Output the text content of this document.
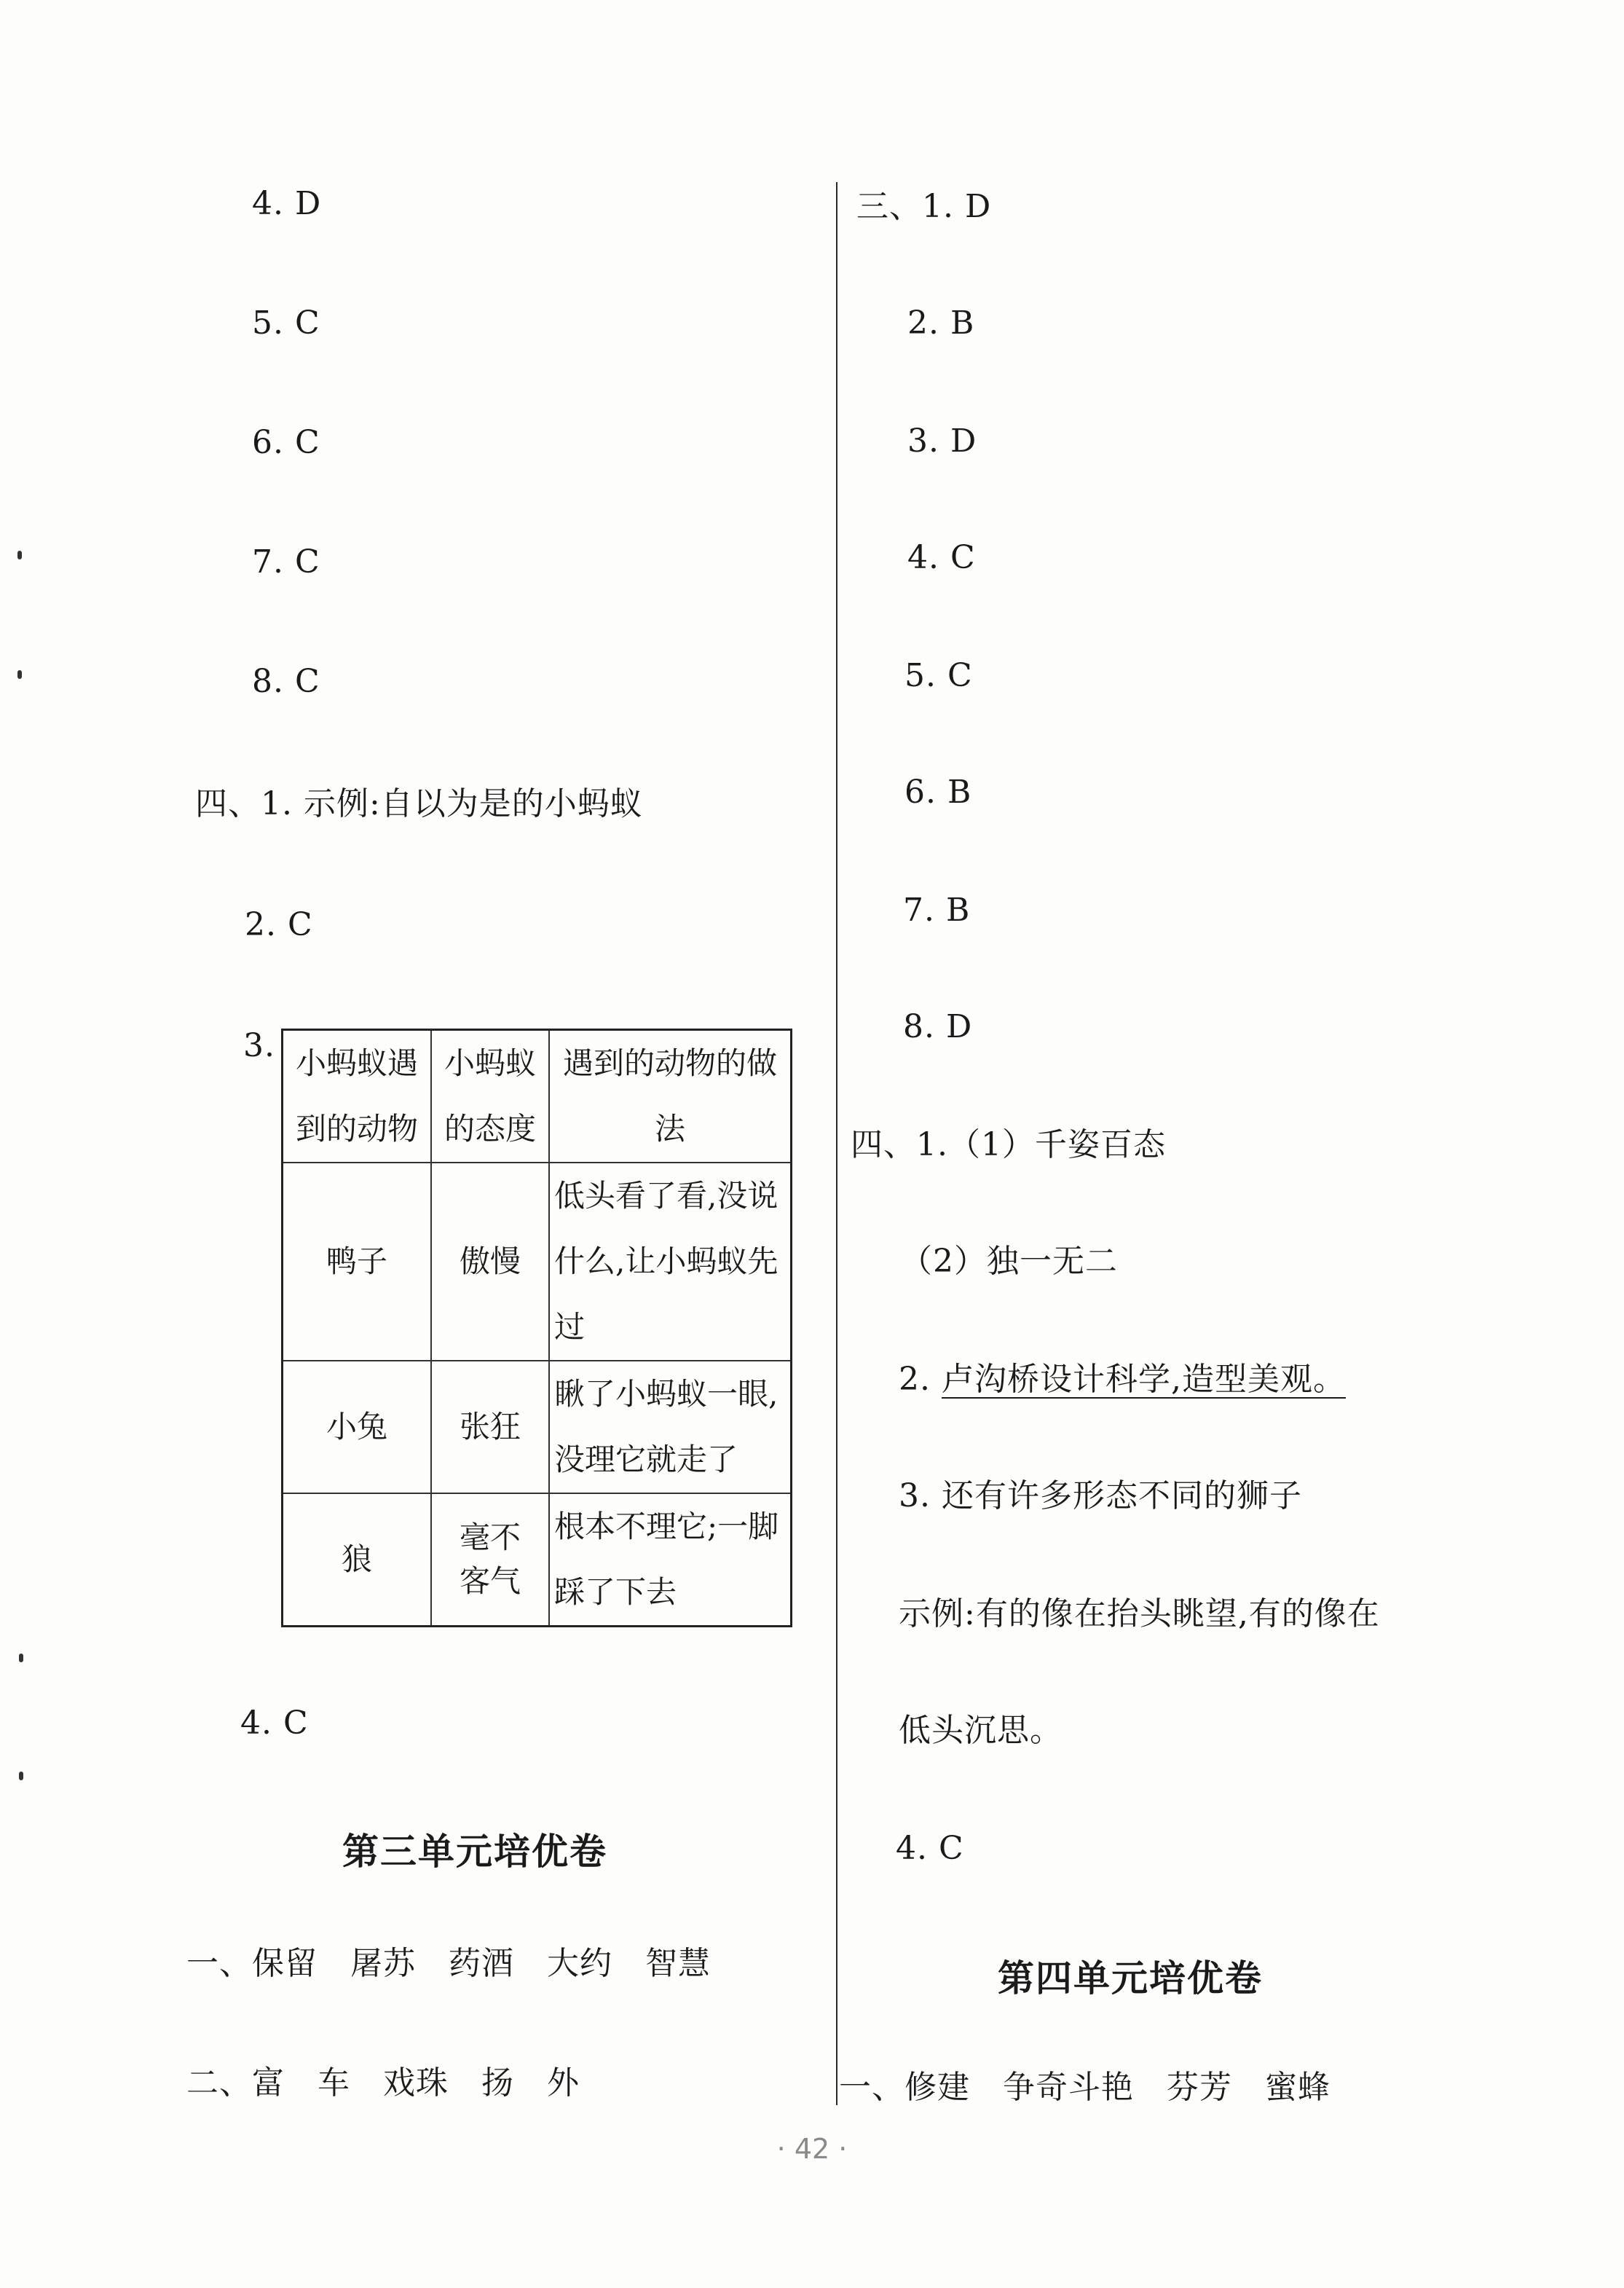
4. D
5. C
6. C
7. C
8. C
四、1. 示例:自以为是的小蚂蚁
2. C
3. 小蚂蚁遇到的动物	小蚂蚁的态度	遇到的动物的做法
鸭子	傲慢	低头看了看,没说什么,让小蚂蚁先过
小兔	张狂	瞅了小蚂蚁一眼,没理它就走了
狼	毫不客气	根本不理它;一脚踩了下去
4. C
第三单元培优卷
一、保留　屠苏　药酒　大约　智慧
二、富　车　戏珠　扬　外
三、1. D
2. B
3. D
4. C
5. C
6. B
7. B
8. D
四、1.（1）千姿百态
（2）独一无二
2. 卢沟桥设计科学,造型美观。
3. 还有许多形态不同的狮子
示例:有的像在抬头眺望,有的像在
低头沉思。
4. C
第四单元培优卷
一、修建　争奇斗艳　芬芳　蜜蜂
· 42 ·
